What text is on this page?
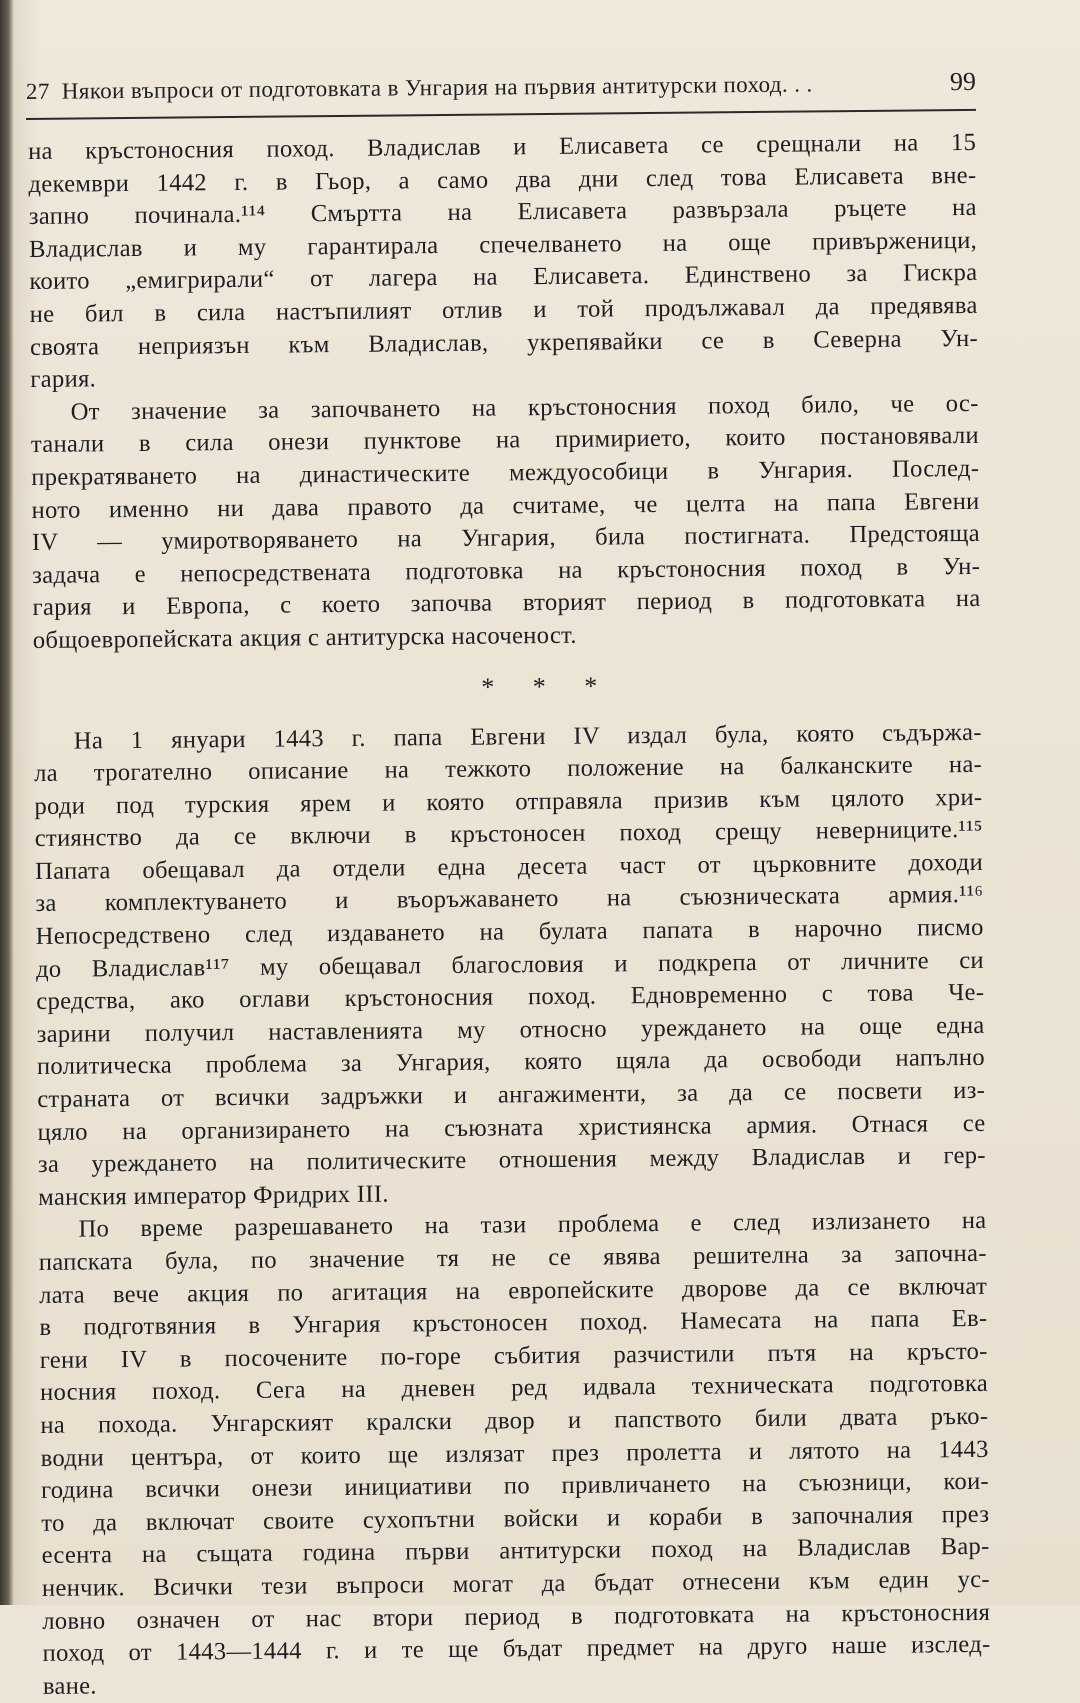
27 Някои въпроси от подготовката в Унгария на първия антитурски поход. . .	99
на кръстоносния поход. Владислав и Елисавета се срещнали на 15
декември 1442 г. в Гьор, а само два дни след това Елисавета вне-
запно починала.¹¹⁴ Смъртта на Елисавета развързала ръцете на
Владислав и му гарантирала спечелването на още привърженици,
които „емигрирали“ от лагера на Елисавета. Единствено за Гискра
не бил в сила настъпилият отлив и той продължавал да предявява
своята неприязън към Владислав, укрепявайки се в Северна Ун-
гария.
От значение за започването на кръстоносния поход било, че ос-
танали в сила онези пунктове на примирието, които постановявали
прекратяването на династическите междуособици в Унгария. Послед-
ното именно ни дава правото да считаме, че целта на папа Евгени
IV — умиротворяването на Унгария, била постигната. Предстояща
задача е непосредствената подготовка на кръстоносния поход в Ун-
гария и Европа, с което започва вторият период в подготовката на
общоевропейската акция с антитурска насоченост.
* * *
На 1 януари 1443 г. папа Евгени IV издал була, която съдържа-
ла трогателно описание на тежкото положение на балканските на-
роди под турския ярем и която отправяла призив към цялото хри-
стиянство да се включи в кръстоносен поход срещу неверниците.¹¹⁵
Папата обещавал да отдели една десета част от църковните доходи
за комплектуването и въоръжаването на съюзническата армия.¹¹⁶
Непосредствено след издаването на булата папата в нарочно писмо
до Владислав¹¹⁷ му обещавал благословия и подкрепа от личните си
средства, ако оглави кръстоносния поход. Едновременно с това Че-
зарини получил наставленията му относно уреждането на още една
политическа проблема за Унгария, която щяла да освободи напълно
страната от всички задръжки и ангажименти, за да се посвети из-
цяло на организирането на съюзната християнска армия. Отнася се
за уреждането на политическите отношения между Владислав и гер-
манския император Фридрих III.
По време разрешаването на тази проблема е след излизането на
папската була, по значение тя не се явява решителна за започна-
лата вече акция по агитация на европейските дворове да се включат
в подготвяния в Унгария кръстоносен поход. Намесата на папа Ев-
гени IV в посочените по-горе събития разчистили пътя на кръсто-
носния поход. Сега на дневен ред идвала техническата подготовка
на похода. Унгарският кралски двор и папството били двата ръко-
водни центъра, от които ще излязат през пролетта и лятото на 1443
година всички онези инициативи по привличането на съюзници, кои-
то да включат своите сухопътни войски и кораби в започналия през
есента на същата година първи антитурски поход на Владислав Вар-
ненчик. Всички тези въпроси могат да бъдат отнесени към един ус-
ловно означен от нас втори период в подготовката на кръстоносния
поход от 1443—1444 г. и те ще бъдат предмет на друго наше изслед-
ване.
